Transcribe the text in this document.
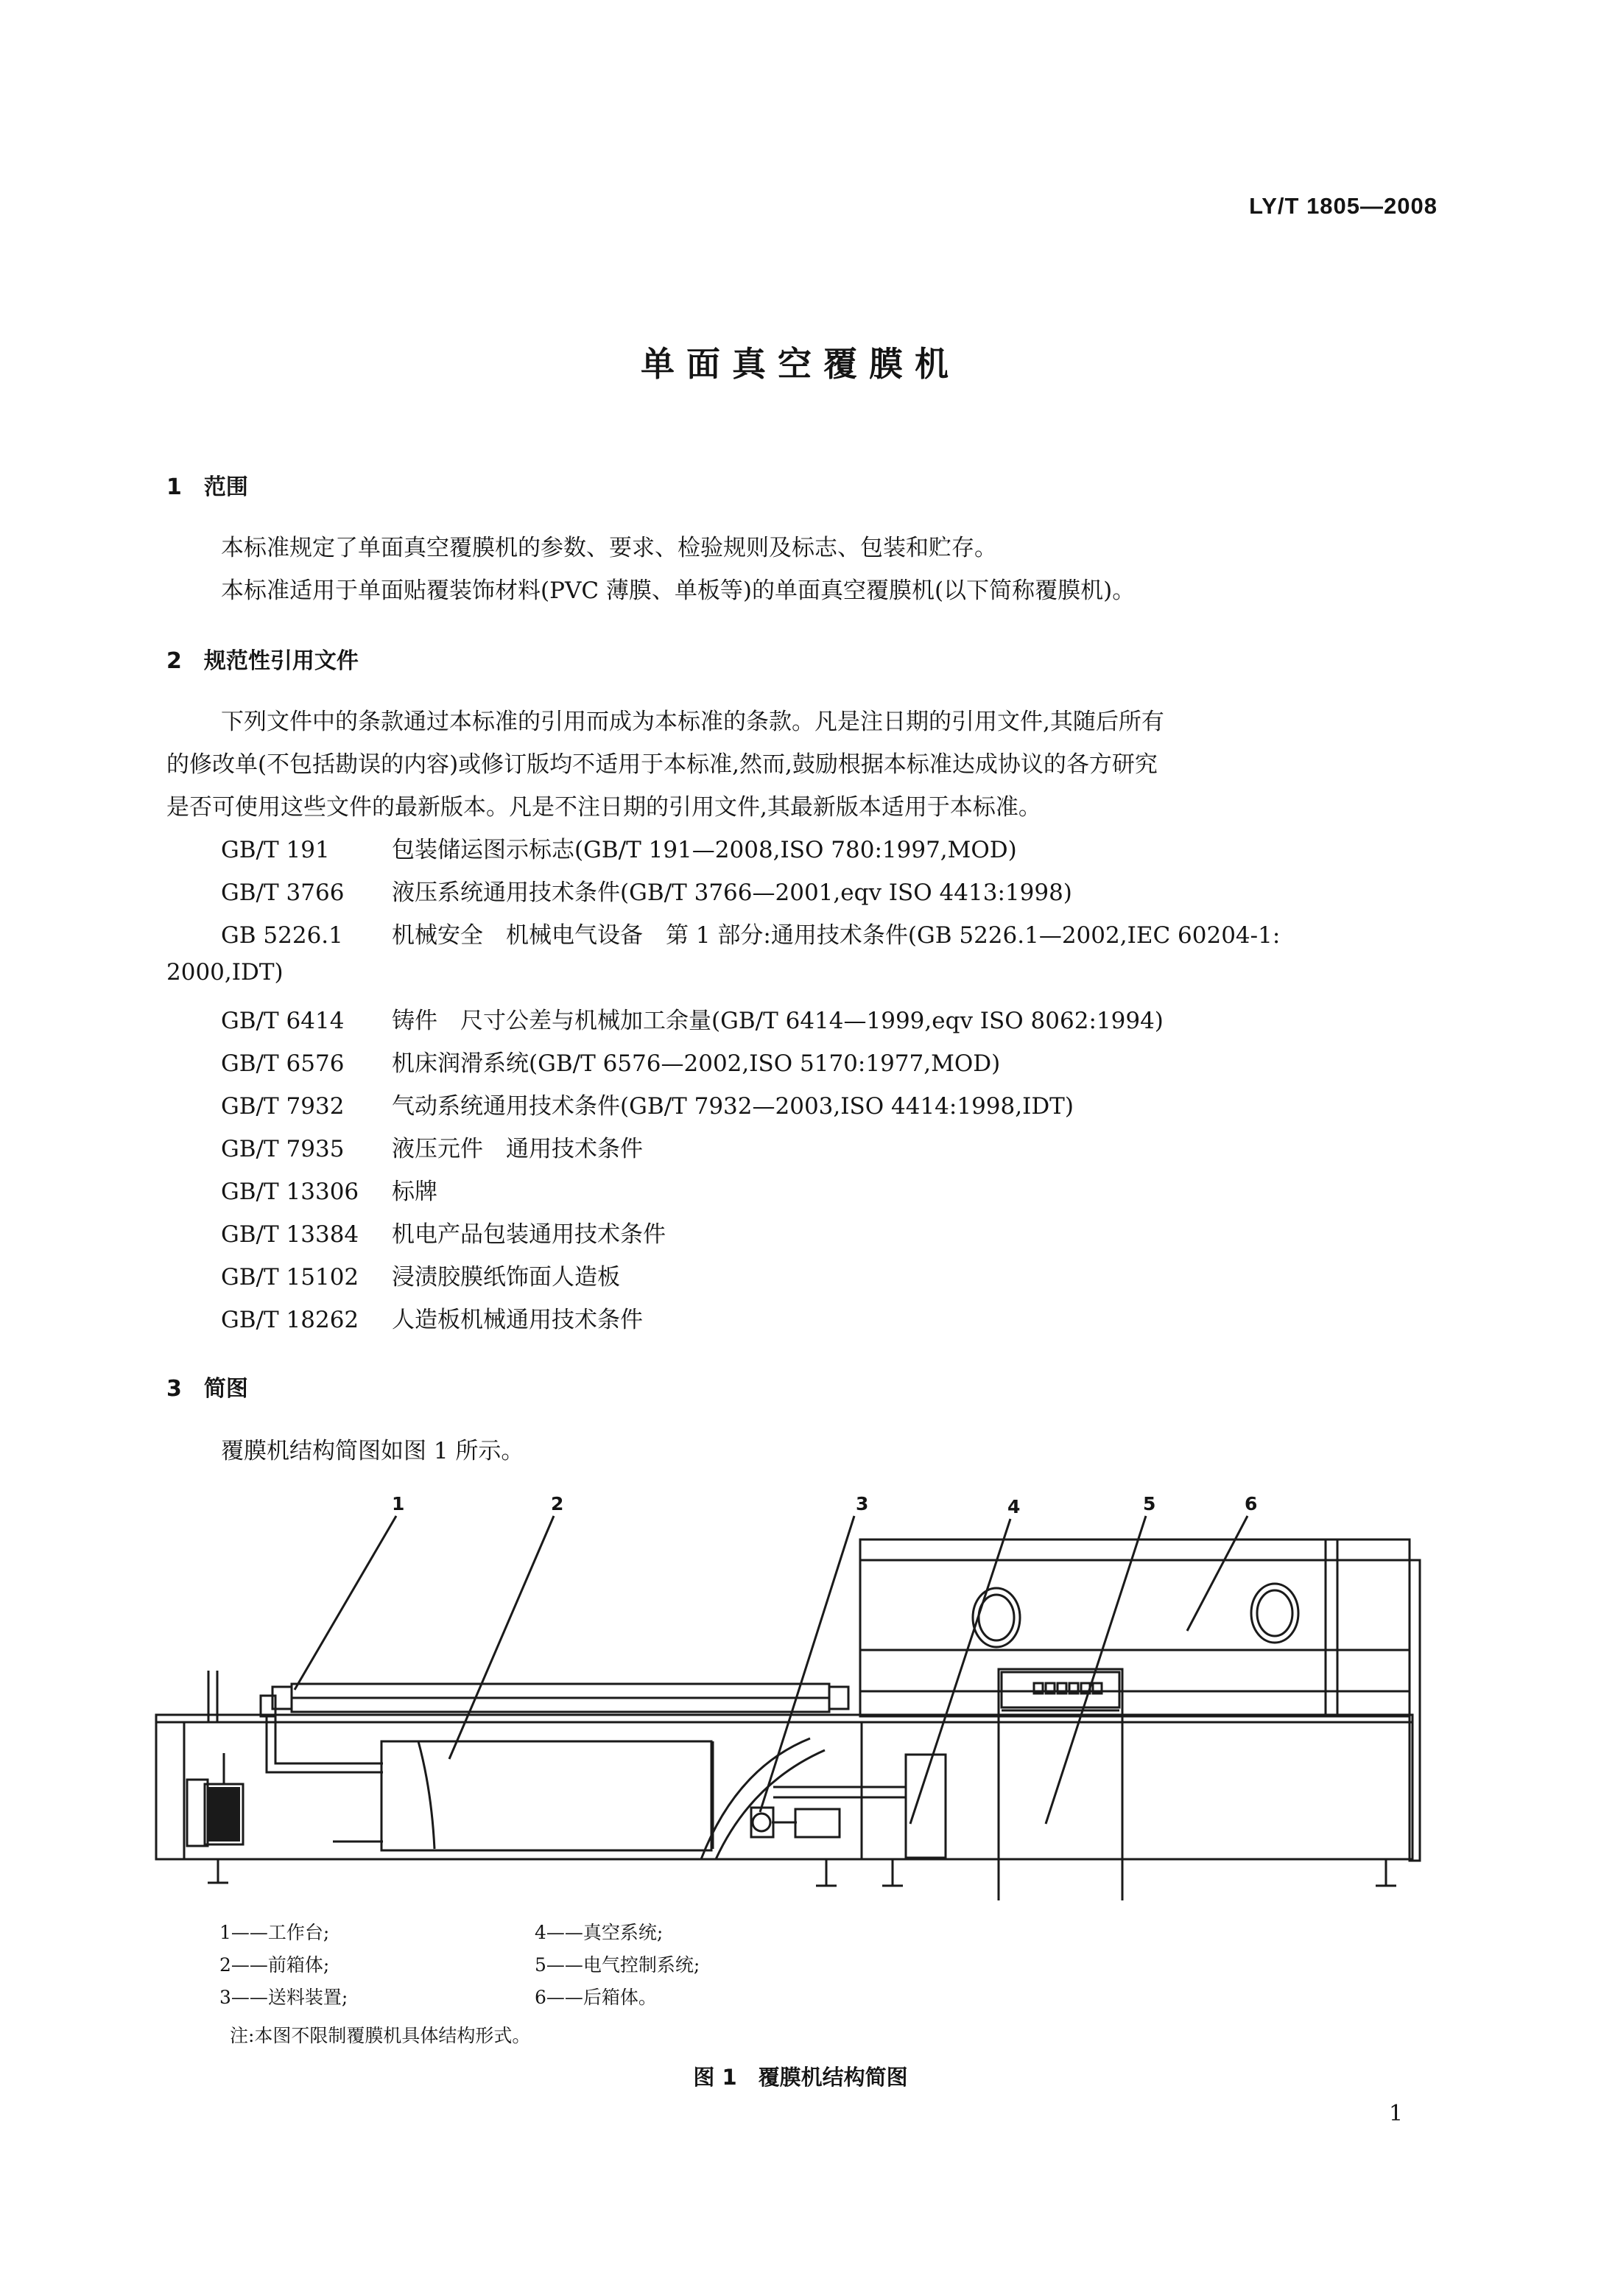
LY/T 1805—2008
单面真空覆膜机
1　范围
本标准规定了单面真空覆膜机的参数、要求、检验规则及标志、包装和贮存。
本标准适用于单面贴覆装饰材料(PVC 薄膜、单板等)的单面真空覆膜机(以下简称覆膜机)。
2　规范性引用文件
下列文件中的条款通过本标准的引用而成为本标准的条款。凡是注日期的引用文件,其随后所有
的修改单(不包括勘误的内容)或修订版均不适用于本标准,然而,鼓励根据本标准达成协议的各方研究
是否可使用这些文件的最新版本。凡是不注日期的引用文件,其最新版本适用于本标准。
GB/T 191	包装储运图示标志(GB/T 191—2008,ISO 780:1997,MOD)
GB/T 3766 液压系统通用技术条件(GB/T 3766—2001,eqv ISO 4413:1998)
GB 5226.1 机械安全　机械电气设备　第 1 部分:通用技术条件(GB 5226.1—2002,IEC 60204-1:
2000,IDT)
GB/T 6414 铸件　尺寸公差与机械加工余量(GB/T 6414—1999,eqv ISO 8062:1994)
GB/T 6576 机床润滑系统(GB/T 6576—2002,ISO 5170:1977,MOD)
GB/T 7932 气动系统通用技术条件(GB/T 7932—2003,ISO 4414:1998,IDT)
GB/T 7935 液压元件　通用技术条件
GB/T 13306 标牌
GB/T 13384 机电产品包装通用技术条件
GB/T 15102 浸渍胶膜纸饰面人造板
GB/T 18262 人造板机械通用技术条件
3　简图
覆膜机结构简图如图 1 所示。
1	2	3	4	5	6
1——工作台;
2——前箱体;
3——送料装置;
4——真空系统;
5——电气控制系统;
6——后箱体。
注:本图不限制覆膜机具体结构形式。
图 1　覆膜机结构简图
1
